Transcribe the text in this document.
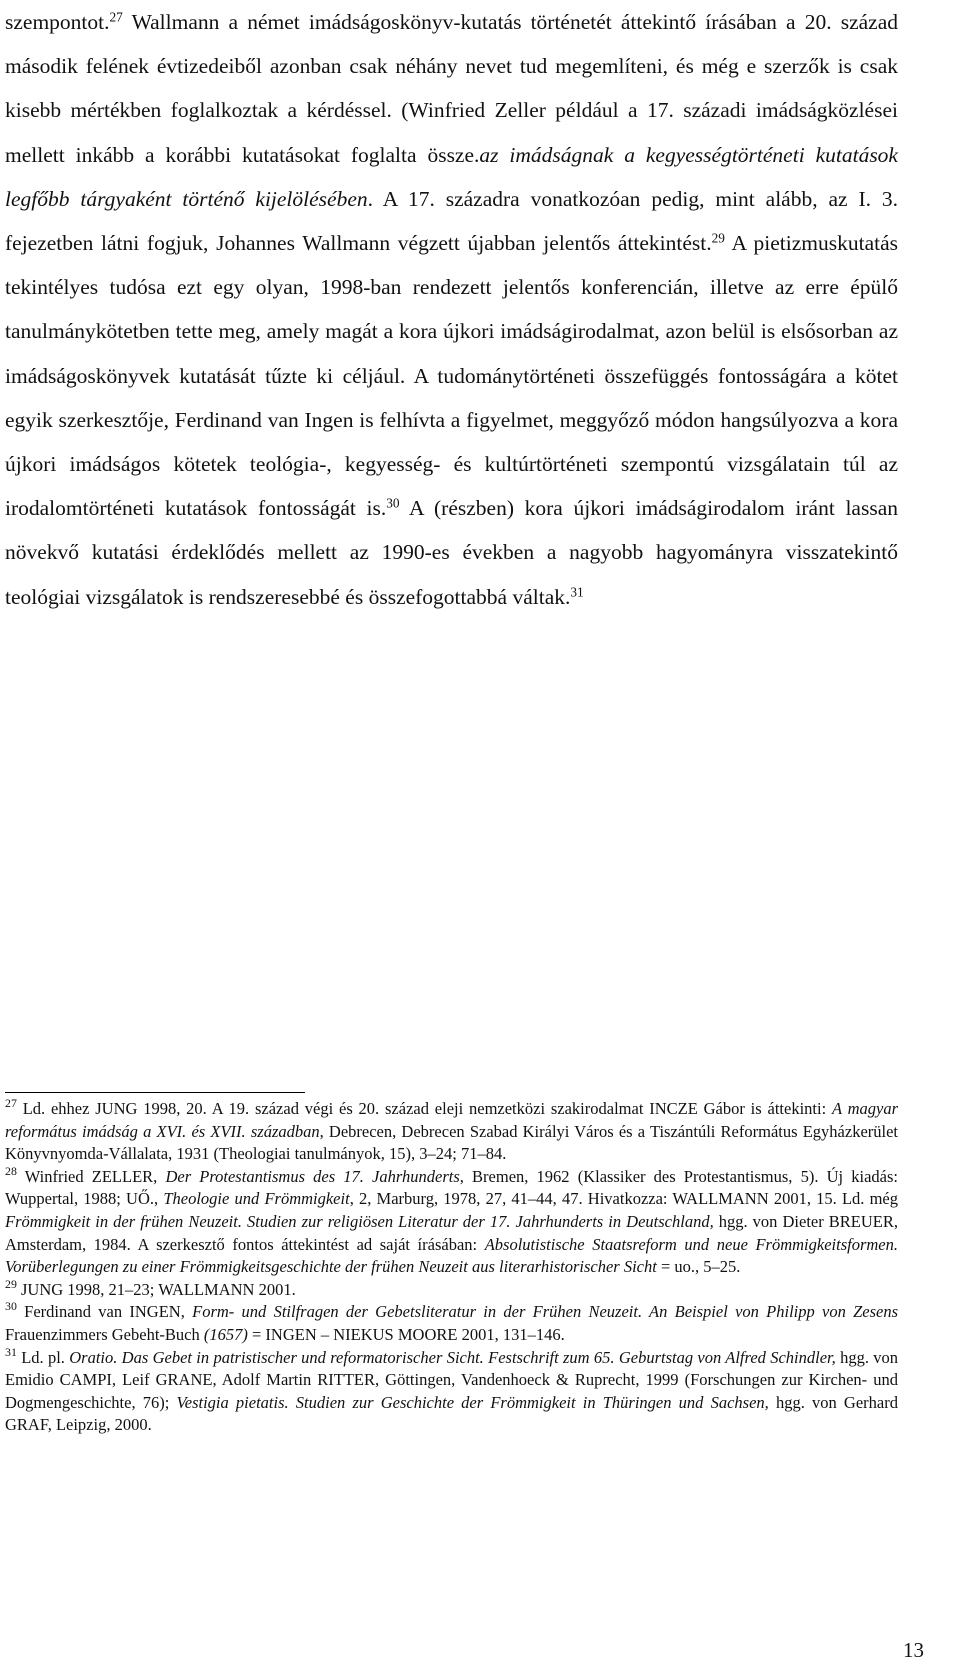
szempontot.$^{27}$ Wallmann a német imádságoskönyv-kutatás történetét áttekintő írásában a 20. század második felének évtizedeiből azonban csak néhány nevet tud megemlíteni, és még e szerzők is csak kisebb mértékben foglalkoztak a kérdéssel. (Winfried Zeller például a 17. századi imádságközlései mellett inkább a korábbi kutatásokat foglalta össze.az imádságnak a kegyességtörténeti kutatások legfőbb tárgyaként történő kijelölésében. A 17. századra vonatkozóan pedig, mint alább, az I. 3. fejezetben látni fogjuk, Johannes Wallmann végzett újabban jelentős áttekintést.$^{29}$ A pietizmuskutatás tekintélyes tudósa ezt egy olyan, 1998-ban rendezett jelentős konferencián, illetve az erre épülő tanulmánykötetben tette meg, amely magát a kora újkori imádságirodalmat, azon belül is elsősorban az imádságoskönyvek kutatását tűzte ki céljául. A tudománytörténeti összefüggés fontosságára a kötet egyik szerkesztője, Ferdinand van Ingen is felhívta a figyelmet, meggyőző módon hangsúlyozva a kora újkori imádságos kötetek teológia-, kegyesség- és kultúrtörténeti szempontú vizsgálatain túl az irodalomtörténeti kutatások fontosságát is.$^{30}$ A (részben) kora újkori imádságirodalom iránt lassan növekvő kutatási érdeklődés mellett az 1990-es években a nagyobb hagyományra visszatekintő teológiai vizsgálatok is rendszeresebbé és összefogottabbá váltak.$^{31}$

$^{27}$ Ld. ehhez JUNG 1998, 20. A 19. század végi és 20. század eleji nemzetközi szakirodalmat INCZE Gábor is áttekinti: A magyar református imádság a XVI. és XVII. században, Debrecen, Debrecen Szabad Királyi Város és a Tiszántúli Református Egyházkerület Könyvnyomda-Vállalata, 1931 (Theologiai tanulmányok, 15), 3–24; 71–84.

$^{28}$ Winfried ZELLER, Der Protestantismus des 17. Jahrhunderts, Bremen, 1962 (Klassiker des Protestantismus, 5). Új kiadás: Wuppertal, 1988; UŐ., Theologie und Frömmigkeit, 2, Marburg, 1978, 27, 41–44, 47. Hivatkozza: WALLMANN 2001, 15. Ld. még Frömmigkeit in der frühen Neuzeit. Studien zur religiösen Literatur der 17. Jahrhunderts in Deutschland, hgg. von Dieter BREUER, Amsterdam, 1984. A szerkesztő fontos áttekintést ad saját írásában: Absolutistische Staatsreform und neue Frömmigkeitsformen. Vorüberlegungen zu einer Frömmigkeitsgeschichte der frühen Neuzeit aus literarhistorischer Sicht = uo., 5–25.

$^{29}$ JUNG 1998, 21–23; WALLMANN 2001.

$^{30}$ Ferdinand van INGEN, Form- und Stilfragen der Gebetsliteratur in der Frühen Neuzeit. An Beispiel von Philipp von Zesens Frauenzimmers Gebeht-Buch (1657) = INGEN – NIEKUS MOORE 2001, 131–146.

$^{31}$ Ld. pl. Oratio. Das Gebet in patristischer und reformatorischer Sicht. Festschrift zum 65. Geburtstag von Alfred Schindler, hgg. von Emidio CAMPI, Leif GRANE, Adolf Martin RITTER, Göttingen, Vandenhoeck & Ruprecht, 1999 (Forschungen zur Kirchen- und Dogmengeschichte, 76); Vestigia pietatis. Studien zur Geschichte der Frömmigkeit in Thüringen und Sachsen, hgg. von Gerhard GRAF, Leipzig, 2000.

13
